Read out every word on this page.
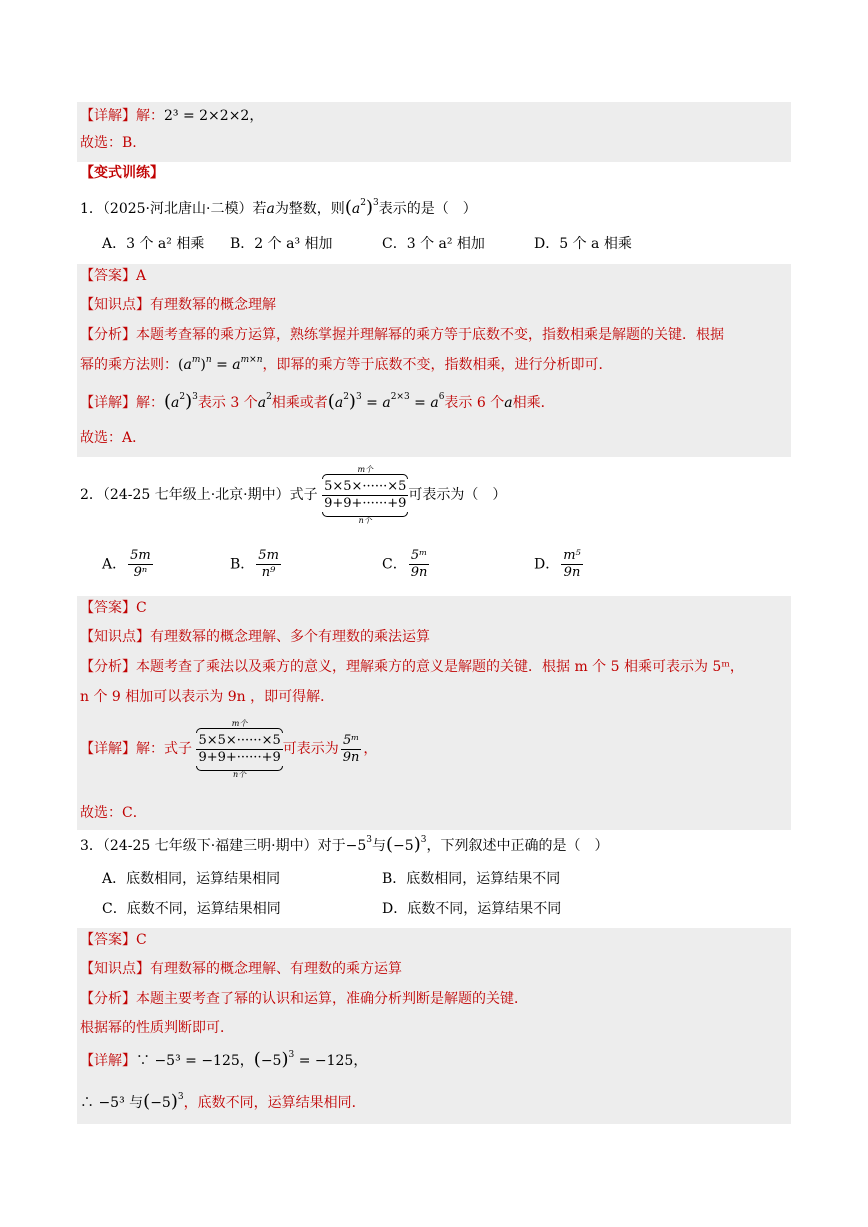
【详解】解：2³ = 2×2×2，
故选：B.
【变式训练】
1．（2025·河北唐山·二模）若a为整数，则$(a^2)^3$表示的是（　）
A．3 个 a² 相乘 B．2 个 a³ 相加	C．3 个 a² 相加	D．5 个 a 相乘
【答案】A
【知识点】有理数幂的概念理解
【分析】本题考查幂的乘方运算，熟练掌握并理解幂的乘方等于底数不变，指数相乘是解题的关键．根据
幂的乘方法则：$(a^m)^n = a^{m\times n}$，即幂的乘方等于底数不变，指数相乘，进行分析即可．
【详解】解：$(a^2)^3$表示 3 个$a^2$相乘或者$(a^2)^3 = a^{2\times 3} = a^6$表示 6 个a相乘．
故选：A．
2．（24-25 七年级上·北京·期中）式子
m个
5×5×······×5
9+9+······+9
n个
可表示为（　）
A． $\frac{5m}{\text{9ⁿ}}$	B． $\frac{5m}{\text{n⁹}}$	C． $\frac{\text{5ᵐ}}{9n}$	D． $\frac{\text{m⁵}}{9n}$
【答案】C
【知识点】有理数幂的概念理解、多个有理数的乘法运算
【分析】本题考查了乘法以及乘方的意义，理解乘方的意义是解题的关键．根据 m 个 5 相乘可表示为 5ᵐ，
n 个 9 相加可以表示为 9n ，即可得解．
【详解】解：式子
m个
5×5×······×5
9+9+······+9
n个
可表示为 $\frac{\text{5ᵐ}}{9n}$ ，
故选：C．
3．（24-25 七年级下·福建三明·期中）对于$-5^3$与$(-5)^3$，下列叙述中正确的是（　）
A．底数相同，运算结果相同	B．底数相同，运算结果不同
C．底数不同，运算结果相同	D．底数不同，运算结果不同
【答案】C
【知识点】有理数幂的概念理解、有理数的乘方运算
【分析】本题主要考查了幂的认识和运算，准确分析判断是解题的关键．
根据幂的性质判断即可．
【详解】∵ −5³ = −125，$(-5)^3 = -125$，
∴ −5³ 与$(-5)^3$，底数不同，运算结果相同．
